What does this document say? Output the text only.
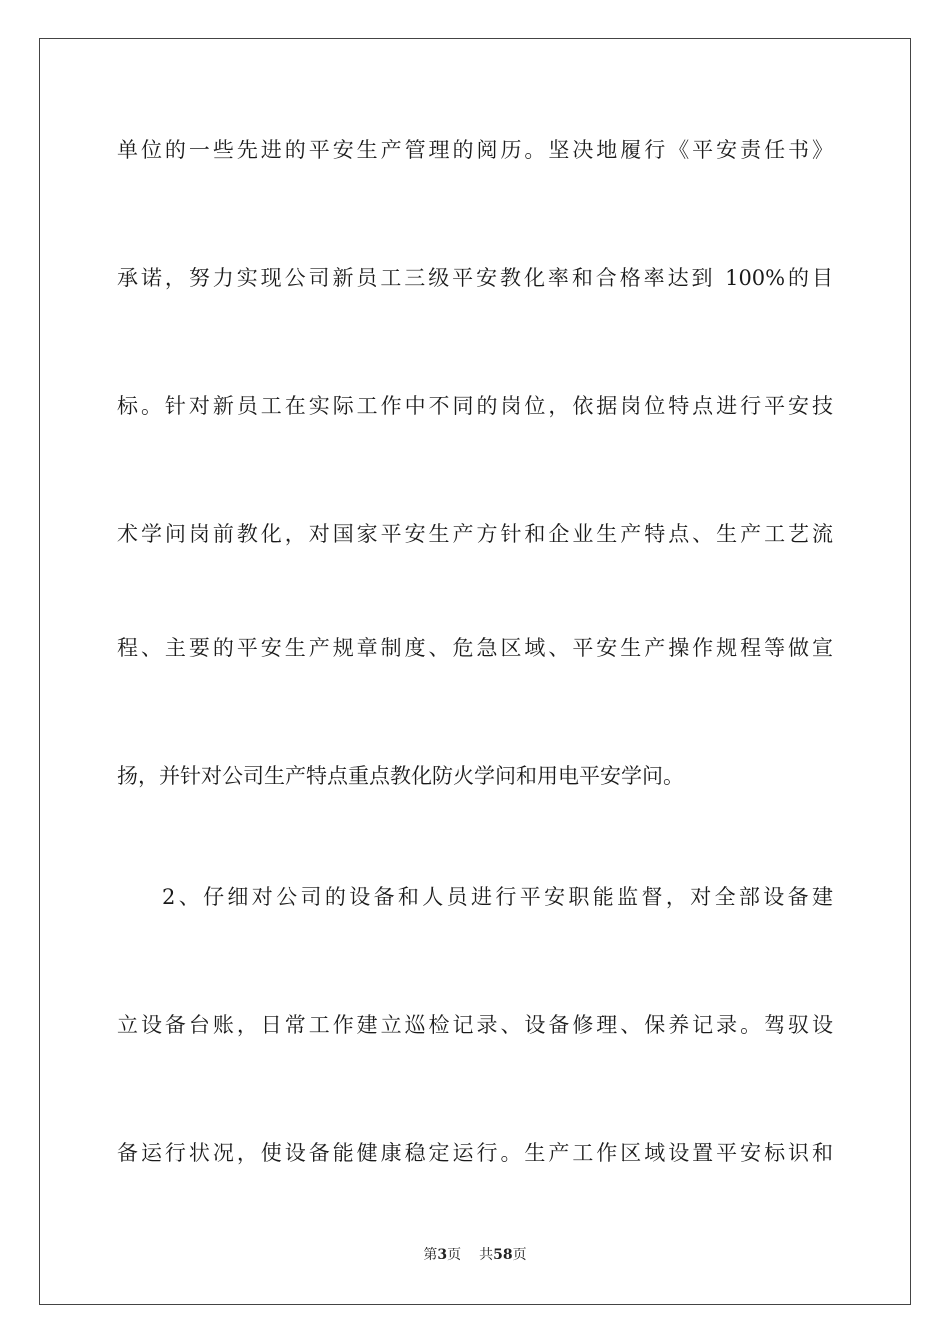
单位的一些先进的平安生产管理的阅历。坚决地履行《平安责任书》
承诺，努力实现公司新员工三级平安教化率和合格率达到 100%的目
标。针对新员工在实际工作中不同的岗位，依据岗位特点进行平安技
术学问岗前教化，对国家平安生产方针和企业生产特点、生产工艺流
程、主要的平安生产规章制度、危急区域、平安生产操作规程等做宣
扬，并针对公司生产特点重点教化防火学问和用电平安学问。
2、仔细对公司的设备和人员进行平安职能监督，对全部设备建
立设备台账，日常工作建立巡检记录、设备修理、保养记录。驾驭设
备运行状况，使设备能健康稳定运行。生产工作区域设置平安标识和
第3页 共58页
